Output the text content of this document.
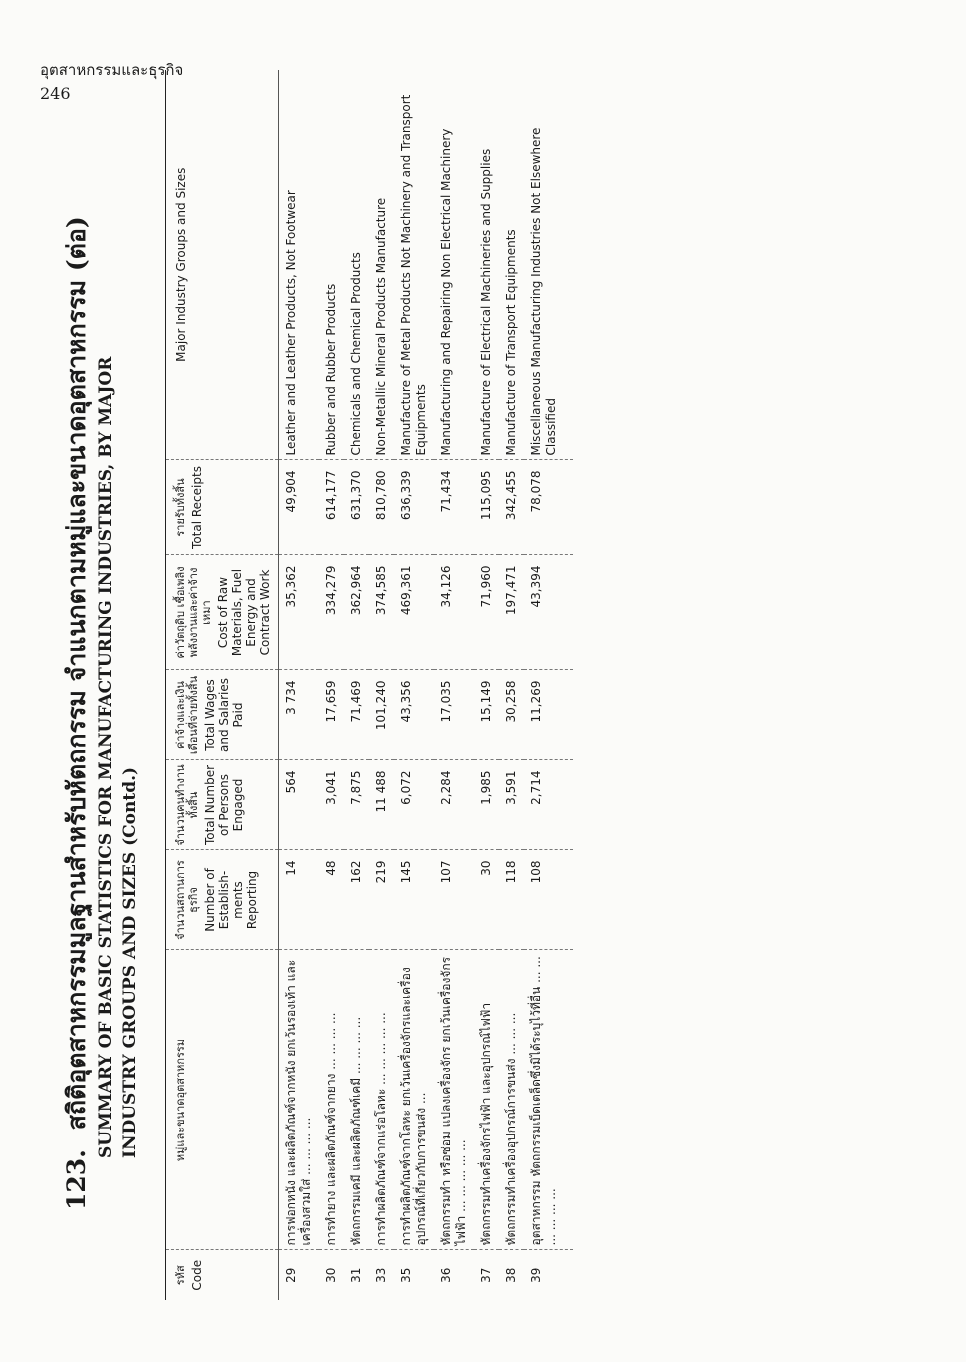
อุตสาหกรรมและธุรกิจ
246
123. สถิติอุตสาหกรรมมูลฐานสำหรับหัตถกรรม จำแนกตามหมู่และขนาดอุตสาหกรรม (ต่อ) SUMMARY OF BASIC STATISTICS FOR MANUFACTURING INDUSTRIES, BY MAJOR INDUSTRY GROUPS AND SIZES (Contd.)
รหัส Code	หมู่และขนาดอุตสาหกรรม	จำนวนสถานการธุรกิจ Number of Establish-ments Reporting	จำนวนคนทำงานทั้งสิ้น Total Number of Persons Engaged	ค่าจ้างและเงินเดือนที่จ่ายทั้งสิ้น Total Wages and Salaries Paid	ค่าวัตถุดิบ เชื้อเพลิง พลังงานและค่าจ้างเหมา Cost of Raw Materials, Fuel Energy and Contract Work	รายรับทั้งสิ้น Total Receipts	Major Industry Groups and Sizes
29	การฟอกหนัง และผลิตภัณฑ์จากหนัง ยกเว้นรองเท้า และเครื่องสวมใส่ ... ... ... ...	14	564	3 734	35,362	49,904	Leather and Leather Products, Not Footwear
30	การทำยาง และผลิตภัณฑ์จากยาง ... ... ... ...	48	3,041	17,659	334,279	614,177	Rubber and Rubber Products
31	หัตถกรรมเคมี และผลิตภัณฑ์เคมี ... ... ... ...	162	7,875	71,469	362,964	631,370	Chemicals and Chemical Products
33	การทำผลิตภัณฑ์จากแร่อโลหะ ... ... ... ... ...	219	11 488	101,240	374,585	810,780	Non-Metallic Mineral Products Manufacture
35	การทำผลิตภัณฑ์จากโลหะ ยกเว้นเครื่องจักรและเครื่องอุปกรณ์ที่เกี่ยวกับการขนส่ง ...	145	6,072	43,356	469,361	636,339	Manufacture of Metal Products Not Machinery and Transport Equipments
36	หัตถกรรมทำ หรือซ่อม แปลงเครื่องจักร ยกเว้นเครื่องจักรไฟฟ้า ... ... ... ... ...	107	2,284	17,035	34,126	71,434	Manufacturing and Repairing Non Electrical Machinery
37	หัตถกรรมทำเครื่องจักรไฟฟ้า และอุปกรณ์ไฟฟ้า	30	1,985	15,149	71,960	115,095	Manufacture of Electrical Machineries and Supplies
38	หัตถกรรมทำเครื่องอุปกรณ์การขนส่ง ... ... ...	118	3,591	30,258	197,471	342,455	Manufacture of Transport Equipments
39	อุตสาหกรรม หัตถกรรมเบ็ดเตล็ดซึ่งมิได้ระบุไว้ที่อื่น ... ... ... ... ... ...	108	2,714	11,269	43,394	78,078	Miscellaneous Manufacturing Industries Not Elsewhere Classified
